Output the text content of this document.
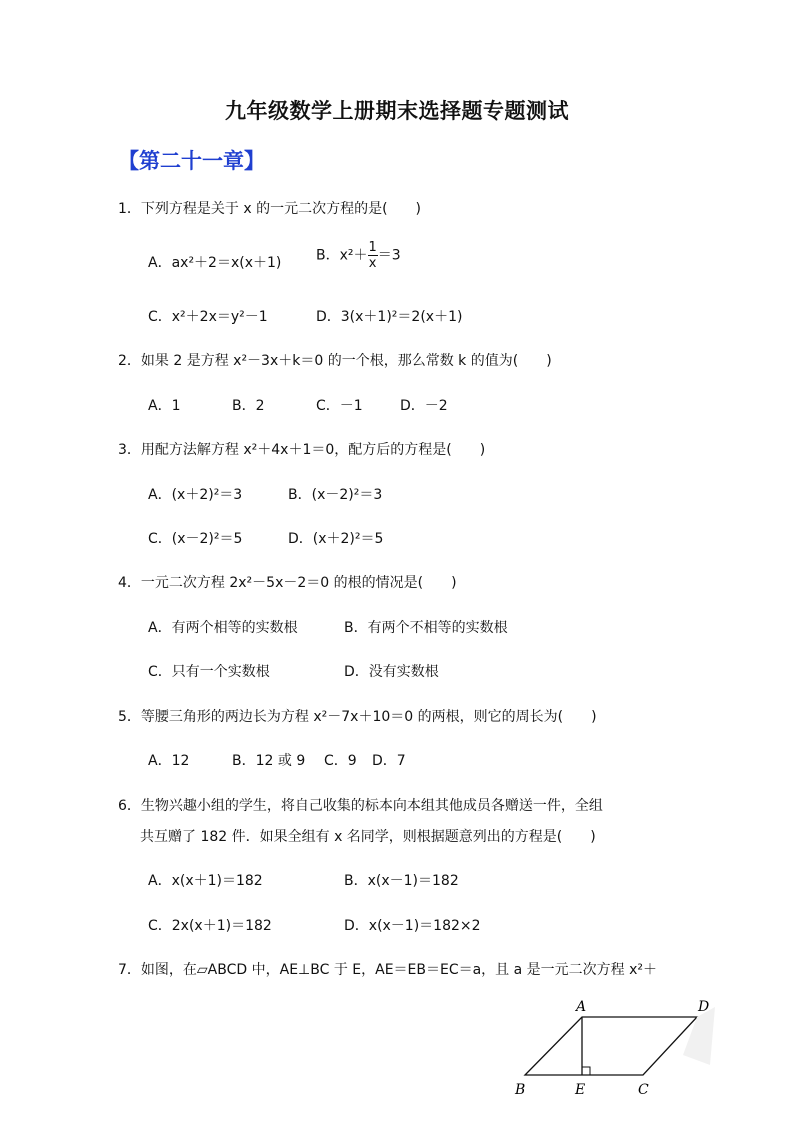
九年级数学上册期末选择题专题测试
【第二十一章】
1．下列方程是关于 x 的一元二次方程的是(　　)
A．ax²＋2＝x(x＋1) B．$x^2+ \frac{1}{x} =3$
C．x²＋2x＝y²－1	D．3(x＋1)²＝2(x＋1)
2．如果 2 是方程 x²－3x＋k＝0 的一个根，那么常数 k 的值为(　　)
A．1	B．2	C．－1	D．－2
3．用配方法解方程 x²＋4x＋1＝0，配方后的方程是(　　)
A．(x＋2)²＝3	B．(x－2)²＝3
C．(x－2)²＝5	D．(x＋2)²＝5
4．一元二次方程 2x²－5x－2＝0 的根的情况是(　　)
A．有两个相等的实数根	B．有两个不相等的实数根
C．只有一个实数根	D．没有实数根
5．等腰三角形的两边长为方程 x²－7x＋10＝0 的两根，则它的周长为(　　)
A．12	B．12 或 9 C．9 D．7
6．生物兴趣小组的学生，将自己收集的标本向本组其他成员各赠送一件，全组
共互赠了 182 件．如果全组有 x 名同学，则根据题意列出的方程是(　　)
A．x(x＋1)＝182	B．x(x－1)＝182
C．2x(x＋1)＝182	D．x(x－1)＝182×2
7．如图，在▱ABCD 中，AE⊥BC 于 E，AE＝EB＝EC＝a，且 a 是一元二次方程 x²＋
A	D
B	E	C
